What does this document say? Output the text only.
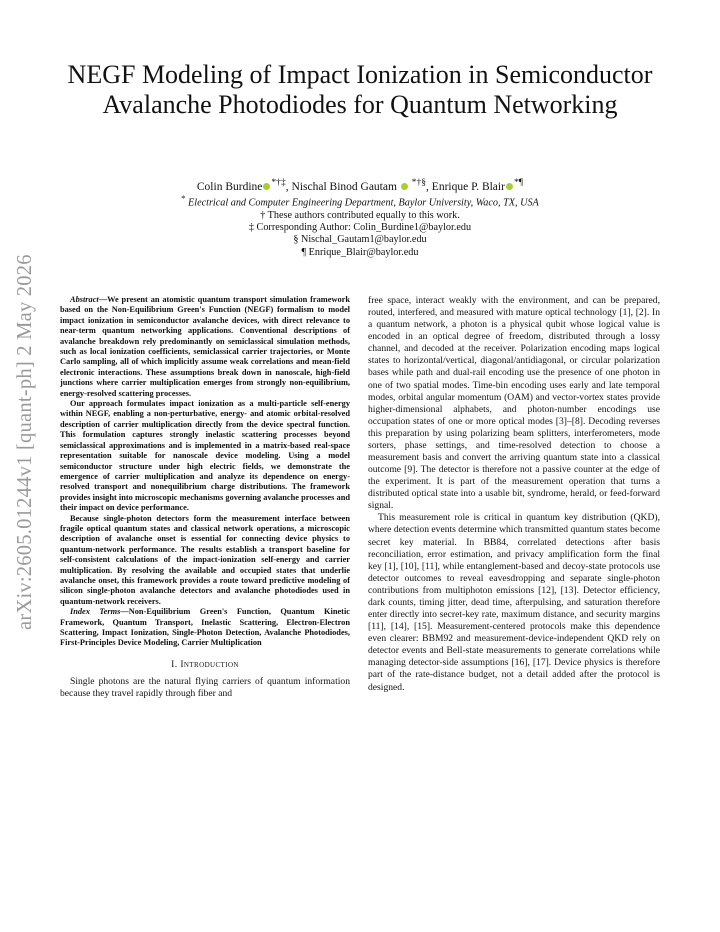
arXiv:2605.01244v1 [quant-ph] 2 May 2026
NEGF Modeling of Impact Ionization in Semiconductor Avalanche Photodiodes for Quantum Networking
Colin Burdine *†‡, Nischal Binod Gautam *†§, Enrique P. Blair *¶
* Electrical and Computer Engineering Department, Baylor University, Waco, TX, USA
† These authors contributed equally to this work.
‡ Corresponding Author: Colin_Burdine1@baylor.edu
§ Nischal_Gautam1@baylor.edu
¶ Enrique_Blair@baylor.edu

Abstract—We present an atomistic quantum transport simulation framework based on the Non-Equilibrium Green's Function (NEGF) formalism to model impact ionization in semiconductor avalanche devices, with direct relevance to near-term quantum networking applications. Conventional descriptions of avalanche breakdown rely predominantly on semiclassical simulation methods, such as local ionization coefficients, semiclassical carrier trajectories, or Monte Carlo sampling, all of which implicitly assume weak correlations and mean-field electronic interactions. These assumptions break down in nanoscale, high-field junctions where carrier multiplication emerges from strongly non-equilibrium, energy-resolved scattering processes.

Our approach formulates impact ionization as a multi-particle self-energy within NEGF, enabling a non-perturbative, energy- and atomic orbital-resolved description of carrier multiplication directly from the device spectral function. This formulation captures strongly inelastic scattering processes beyond semiclassical approximations and is implemented in a matrix-based real-space representation suitable for nanoscale device modeling. Using a model semiconductor structure under high electric fields, we demonstrate the emergence of carrier multiplication and analyze its dependence on energy-resolved transport and nonequilibrium charge distributions. The framework provides insight into microscopic mechanisms governing avalanche processes and their impact on device performance.

Because single-photon detectors form the measurement interface between fragile optical quantum states and classical network operations, a microscopic description of avalanche onset is essential for connecting device physics to quantum-network performance. The results establish a transport baseline for self-consistent calculations of the impact-ionization self-energy and carrier multiplication. By resolving the available and occupied states that underlie avalanche onset, this framework provides a route toward predictive modeling of silicon single-photon avalanche detectors and avalanche photodiodes used in quantum-network receivers.

Index Terms—Non-Equilibrium Green's Function, Quantum Kinetic Framework, Quantum Transport, Inelastic Scattering, Electron-Electron Scattering, Impact Ionization, Single-Photon Detection, Avalanche Photodiodes, First-Principles Device Modeling, Carrier Multiplication

I. Introduction

Single photons are the natural flying carriers of quantum information because they travel rapidly through fiber and

free space, interact weakly with the environment, and can be prepared, routed, interfered, and measured with mature optical technology [1], [2]. In a quantum network, a photon is a physical qubit whose logical value is encoded in an optical degree of freedom, distributed through a lossy channel, and decoded at the receiver. Polarization encoding maps logical states to horizontal/vertical, diagonal/antidiagonal, or circular polarization bases while path and dual-rail encoding use the presence of one photon in one of two spatial modes. Time-bin encoding uses early and late temporal modes, orbital angular momentum (OAM) and vector-vortex states provide higher-dimensional alphabets, and photon-number encodings use occupation states of one or more optical modes [3]–[8]. Decoding reverses this preparation by using polarizing beam splitters, interferometers, mode sorters, phase settings, and time-resolved detection to choose a measurement basis and convert the arriving quantum state into a classical outcome [9]. The detector is therefore not a passive counter at the edge of the experiment. It is part of the measurement operation that turns a distributed optical state into a usable bit, syndrome, herald, or feed-forward signal.

This measurement role is critical in quantum key distribution (QKD), where detection events determine which transmitted quantum states become secret key material. In BB84, correlated detections after basis reconciliation, error estimation, and privacy amplification form the final key [1], [10], [11], while entanglement-based and decoy-state protocols use detector outcomes to reveal eavesdropping and separate single-photon contributions from multiphoton emissions [12], [13]. Detector efficiency, dark counts, timing jitter, dead time, afterpulsing, and saturation therefore enter directly into secret-key rate, maximum distance, and security margins [11], [14], [15]. Measurement-centered protocols make this dependence even clearer: BBM92 and measurement-device-independent QKD rely on detector events and Bell-state measurements to generate correlations while managing detector-side assumptions [16], [17]. Device physics is therefore part of the rate-distance budget, not a detail added after the protocol is designed.
